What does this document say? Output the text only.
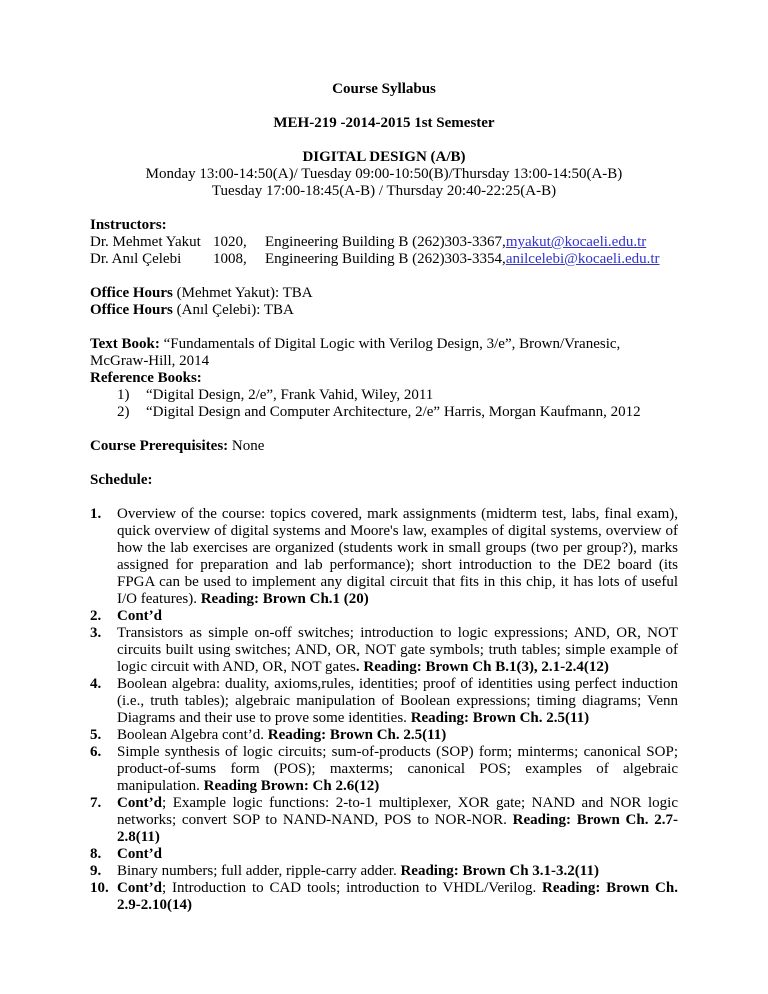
Course Syllabus
MEH-219 -2014-2015 1st Semester
DIGITAL DESIGN (A/B)
Monday 13:00-14:50(A)/ Tuesday 09:00-10:50(B)/Thursday 13:00-14:50(A-B)
Tuesday 17:00-18:45(A-B) / Thursday 20:40-22:25(A-B)
Instructors:
Dr. Mehmet Yakut 1020,	Engineering Building B (262)303-3367, myakut@kocaeli.edu.tr
Dr. Anıl Çelebi	1008,	Engineering Building B (262)303-3354, anilcelebi@kocaeli.edu.tr
Office Hours (Mehmet Yakut): TBA
Office Hours (Anıl Çelebi): TBA
Text Book: “Fundamentals of Digital Logic with Verilog Design, 3/e”, Brown/Vranesic, McGraw-Hill, 2014
Reference Books:
1)	“Digital Design, 2/e”, Frank Vahid, Wiley, 2011
2)	“Digital Design and Computer Architecture, 2/e” Harris, Morgan Kaufmann, 2012
Course Prerequisites: None
Schedule:
1.	Overview of the course: topics covered, mark assignments (midterm test, labs, final exam), quick overview of digital systems and Moore's law, examples of digital systems, overview of how the lab exercises are organized (students work in small groups (two per group?), marks assigned for preparation and lab performance); short introduction to the DE2 board (its FPGA can be used to implement any digital circuit that fits in this chip, it has lots of useful I/O features). Reading: Brown Ch.1 (20)
2.	Cont’d
3.	Transistors as simple on-off switches; introduction to logic expressions; AND, OR, NOT circuits built using switches; AND, OR, NOT gate symbols; truth tables; simple example of logic circuit with AND, OR, NOT gates. Reading: Brown Ch B.1(3), 2.1-2.4(12)
4.	Boolean algebra: duality, axioms,rules, identities; proof of identities using perfect induction (i.e., truth tables); algebraic manipulation of Boolean expressions; timing diagrams; Venn Diagrams and their use to prove some identities. Reading: Brown Ch. 2.5(11)
5.	Boolean Algebra cont’d. Reading: Brown Ch. 2.5(11)
6.	Simple synthesis of logic circuits; sum-of-products (SOP) form; minterms; canonical SOP; product-of-sums form (POS); maxterms; canonical POS; examples of algebraic manipulation. Reading Brown: Ch 2.6(12)
7.	Cont’d; Example logic functions: 2-to-1 multiplexer, XOR gate; NAND and NOR logic networks; convert SOP to NAND-NAND, POS to NOR-NOR. Reading: Brown Ch. 2.7-2.8(11)
8.	Cont’d
9.	Binary numbers; full adder, ripple-carry adder. Reading: Brown Ch 3.1-3.2(11)
10. Cont’d; Introduction to CAD tools; introduction to VHDL/Verilog. Reading: Brown Ch. 2.9-2.10(14)
